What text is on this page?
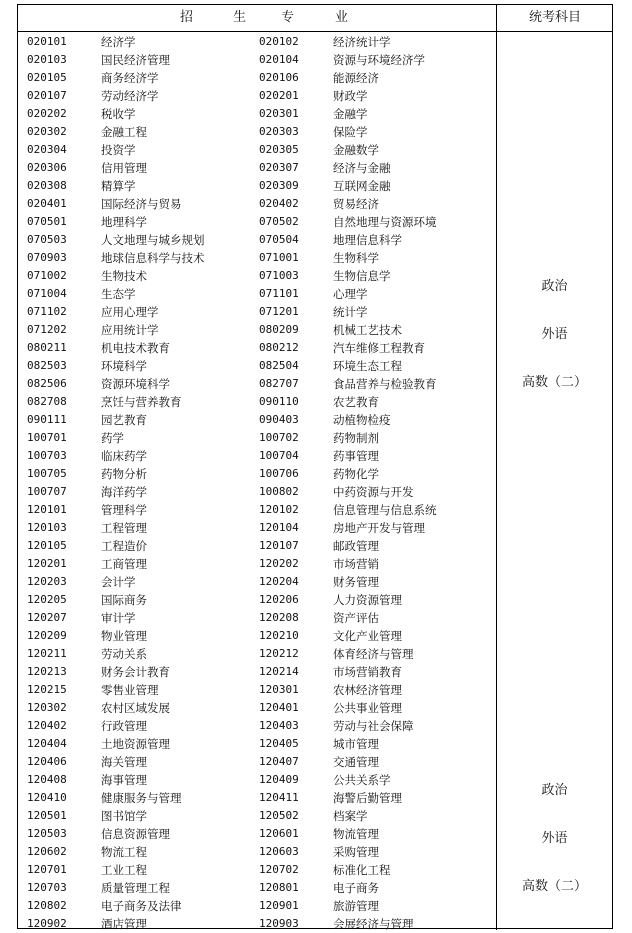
招	生	专	业	统考科目
020101	经济学	020102	经济统计学
020103	国民经济管理	020104	资源与环境经济学
020105	商务经济学	020106	能源经济
020107	劳动经济学	020201	财政学
020202	税收学	020301	金融学
020302	金融工程	020303	保险学
020304	投资学	020305	金融数学
020306	信用管理	020307	经济与金融
020308	精算学	020309	互联网金融
020401	国际经济与贸易	020402	贸易经济
070501	地理科学	070502	自然地理与资源环境
070503	人文地理与城乡规划	070504	地理信息科学
070903	地球信息科学与技术	071001	生物科学
071002	生物技术	071003	生物信息学
071004	生态学	071101	心理学
071102	应用心理学	071201	统计学
071202	应用统计学	080209	机械工艺技术
080211	机电技术教育	080212	汽车维修工程教育
082503	环境科学	082504	环境生态工程
082506	资源环境科学	082707	食品营养与检验教育
082708	烹饪与营养教育	090110	农艺教育
090111	园艺教育	090403	动植物检疫
100701	药学	100702	药物制剂
100703	临床药学	100704	药事管理
100705	药物分析	100706	药物化学
100707	海洋药学	100802	中药资源与开发
120101	管理科学	120102	信息管理与信息系统
120103	工程管理	120104	房地产开发与管理
120105	工程造价	120107	邮政管理
120201	工商管理	120202	市场营销
120203	会计学	120204	财务管理
120205	国际商务	120206	人力资源管理
120207	审计学	120208	资产评估
120209	物业管理	120210	文化产业管理
120211	劳动关系	120212	体育经济与管理
120213	财务会计教育	120214	市场营销教育
120215	零售业管理	120301	农林经济管理
120302	农村区域发展	120401	公共事业管理
120402	行政管理	120403	劳动与社会保障
120404	土地资源管理	120405	城市管理
120406	海关管理	120407	交通管理
120408	海事管理	120409	公共关系学
120410	健康服务与管理	120411	海警后勤管理
120501	图书馆学	120502	档案学
120503	信息资源管理	120601	物流管理
120602	物流工程	120603	采购管理
120701	工业工程	120702	标准化工程
120703	质量管理工程	120801	电子商务
120802	电子商务及法律	120901	旅游管理
120902	酒店管理	120903	会展经济与管理
政治
外语
高数（二）
政治
外语
高数（二）
